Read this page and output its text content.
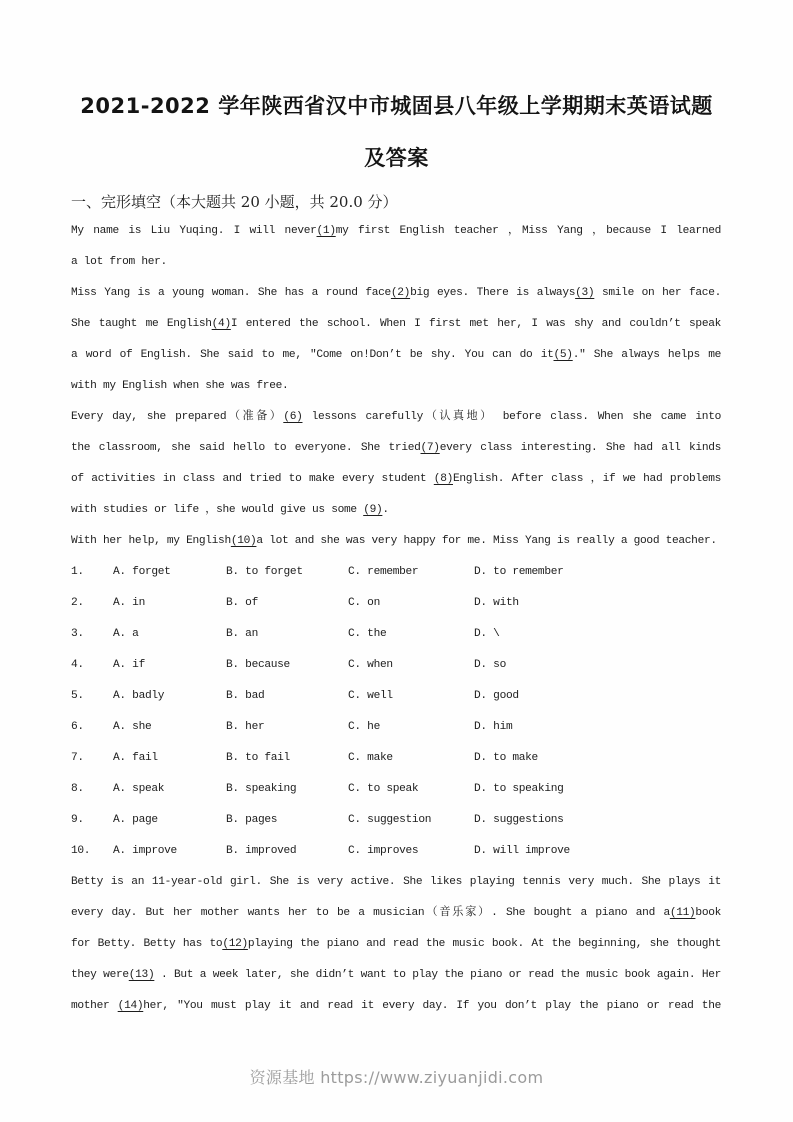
2021-2022 学年陕西省汉中市城固县八年级上学期期末英语试题及答案
一、完形填空（本大题共 20 小题，共 20.0 分）
My name is Liu Yuqing. I will never(1)my first English teacher ，Miss Yang ，because I learned
a lot from her.
Miss Yang is a young woman. She has a round face(2)big eyes. There is always(3) smile on her face.
She taught me English(4)I entered the school. When I first met her, I was shy and couldn’t speak
a word of English. She said to me, ″Come on!Don’t be shy. You can do it(5).″ She always helps me
with my English when she was free.
Every day, she prepared（准备）(6) lessons carefully（认真地） before class. When she came into
the classroom, she said hello to everyone. She tried(7)every class interesting. She had all kinds
of activities in class and tried to make every student (8)English. After class ，if we had problems
with studies or life ，she would give us some (9).
With her help, my English(10)a lot and she was very happy for me. Miss Yang is really a good teacher.
1.	A. forget	B. to forget	C. remember	D. to remember
2.	A. in	B. of	C. on	D. with
3.	A. a	B. an	C. the	D. \
4.	A. if	B. because	C. when	D. so
5.	A. badly	B. bad	C. well	D. good
6.	A. she	B. her	C. he	D. him
7.	A. fail	B. to fail	C. make	D. to make
8.	A. speak	B. speaking	C. to speak	D. to speaking
9.	A. page	B. pages	C. suggestion	D. suggestions
10.	A. improve	B. improved	C. improves	D. will improve
Betty is an 11-year-old girl. She is very active. She likes playing tennis very much. She plays it
every day. But her mother wants her to be a musician（音乐家）. She bought a piano and a(11)book
for Betty. Betty has to(12)playing the piano and read the music book. At the beginning, she thought
they were(13) . But a week later, she didn’t want to play the piano or read the music book again. Her
mother (14)her, ″You must play it and read it every day. If you don’t play the piano or read the
资源基地 https://www.ziyuanjidi.com
